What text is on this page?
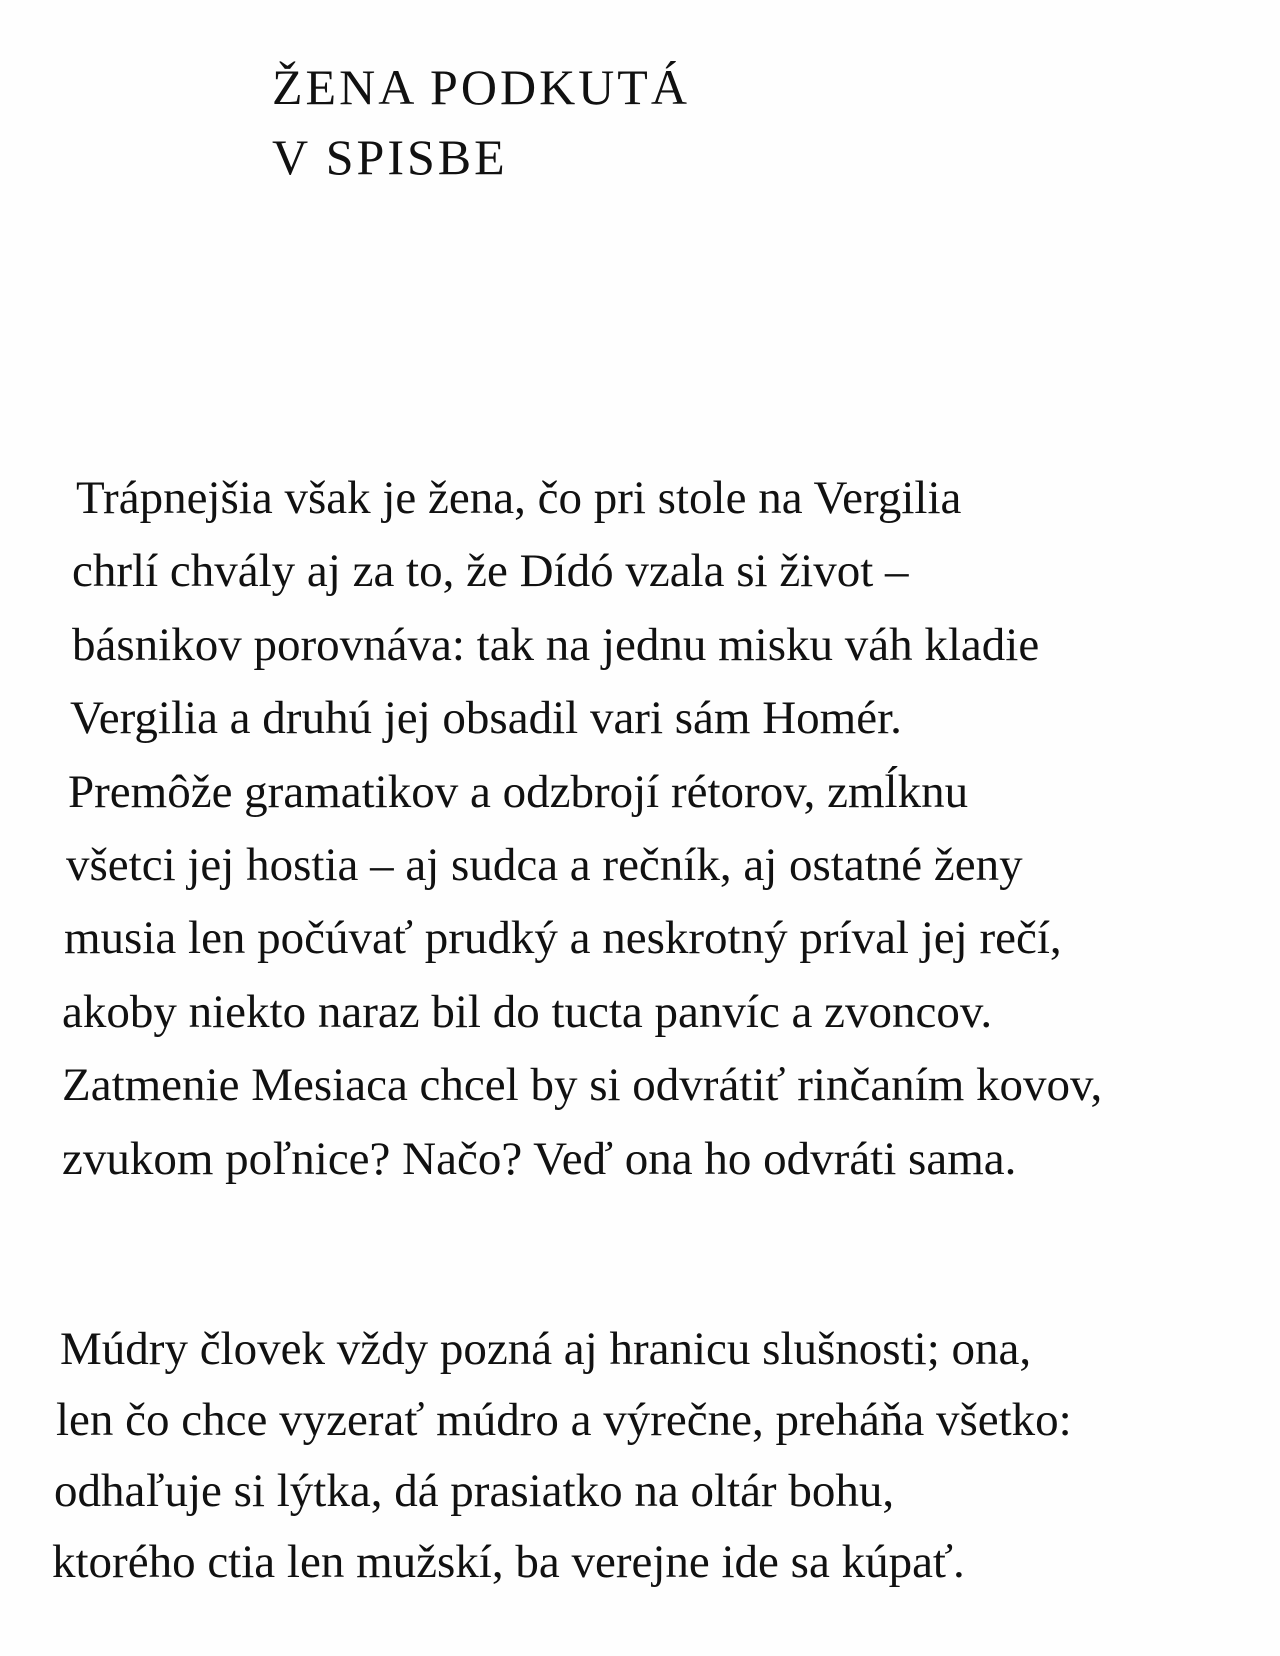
ŽENA PODKUTÁ
V SPISBE

Trápnejšia však je žena, čo pri stole na Vergilia
chrlí chvály aj za to, že Dídó vzala si život –
básnikov porovnáva: tak na jednu misku váh kladie
Vergilia a druhú jej obsadil vari sám Homér.
Premôže gramatikov a odzbrojí rétorov, zmĺknu
všetci jej hostia – aj sudca a rečník, aj ostatné ženy
musia len počúvať prudký a neskrotný príval jej rečí,
akoby niekto naraz bil do tucta panvíc a zvoncov.
Zatmenie Mesiaca chcel by si odvrátiť rinčaním kovov,
zvukom poľnice? Načo? Veď ona ho odvráti sama.

Múdry človek vždy pozná aj hranicu slušnosti; ona,
len čo chce vyzerať múdro a výrečne, preháňa všetko:
odhaľuje si lýtka, dá prasiatko na oltár bohu,
ktorého ctia len mužskí, ba verejne ide sa kúpať.
